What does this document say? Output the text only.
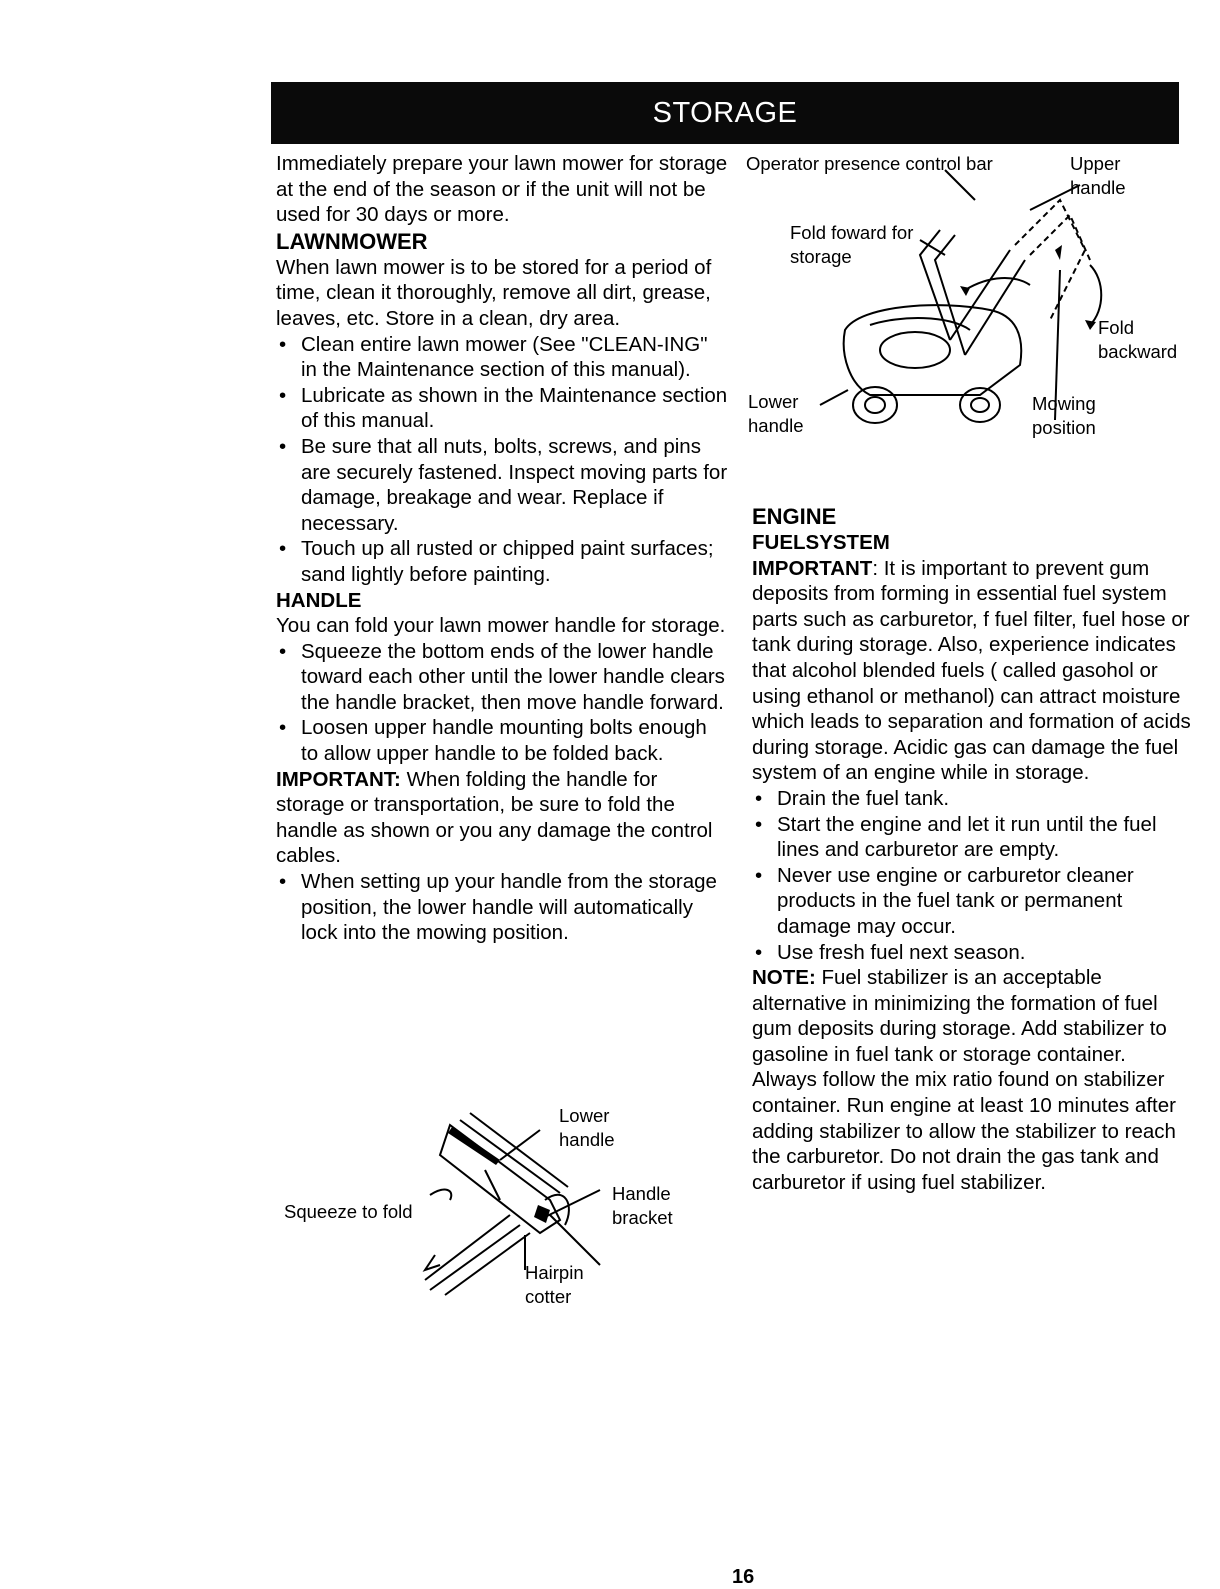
STORAGE

Immediately prepare your lawn mower for storage at the end of the season or if the unit will not be used for 30 days or more.

LAWNMOWER

When lawn mower is to be stored for a period of time, clean it thoroughly, remove all dirt, grease, leaves, etc. Store in a clean, dry area.

• Clean entire lawn mower (See "CLEAN-ING" in the Maintenance section of this manual).
• Lubricate as shown in the Maintenance section of this manual.
• Be sure that all nuts, bolts, screws, and pins are securely fastened. Inspect moving parts for damage, breakage and wear. Replace if necessary.
• Touch up all rusted or chipped paint surfaces; sand lightly before painting.

HANDLE

You can fold your lawn mower handle for storage.

• Squeeze the bottom ends of the lower handle toward each other until the lower handle clears the handle bracket, then move handle forward.
• Loosen upper handle mounting bolts enough to allow upper handle to be folded back.

IMPORTANT: When folding the handle for storage or transportation, be sure to fold the handle as shown or you any damage the control cables.

• When setting up your handle from the storage position, the lower handle will automatically lock into the mowing position.
Lower handle
Squeeze to fold
Handle bracket
Hairpin cotter
Operator presence control bar	Upper handle
Fold foward for storage
Fold backward
Lower handle
Mowing position

ENGINE

FUELSYSTEM

IMPORTANT: It is important to prevent gum deposits from forming in essential fuel system parts such as carburetor, f fuel filter, fuel hose or tank during storage. Also, experience indicates that alcohol blended fuels ( called gasohol or using ethanol or methanol) can attract moisture which leads to separation and formation of acids during storage. Acidic gas can damage the fuel system of an engine while in storage.

• Drain the fuel tank.
• Start the engine and let it run until the fuel lines and carburetor are empty.
• Never use engine or carburetor cleaner products in the fuel tank or permanent damage may occur.
• Use fresh fuel next season.

NOTE: Fuel stabilizer is an acceptable alternative in minimizing the formation of fuel gum deposits during storage. Add stabilizer to gasoline in fuel tank or storage container. Always follow the mix ratio found on stabilizer container. Run engine at least 10 minutes after adding stabilizer to allow the stabilizer to reach the carburetor. Do not drain the gas tank and carburetor if using fuel stabilizer.

16
